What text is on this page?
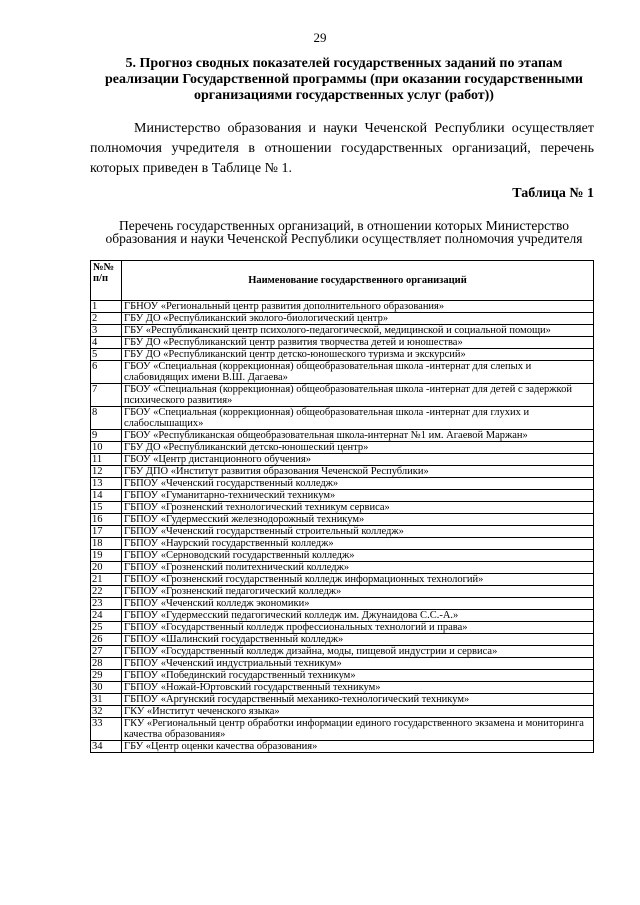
29
5. Прогноз сводных показателей государственных заданий по этапам реализации Государственной программы (при оказании государственными организациями государственных услуг (работ))
Министерство образования и науки Чеченской Республики осуществляет полномочия учредителя в отношении государственных организаций, перечень которых приведен в Таблице № 1.
Таблица № 1
Перечень государственных организаций, в отношении которых Министерство образования и науки Чеченской Республики осуществляет полномочия учредителя
№№ п/п	Наименование государственного организаций
1	ГБНОУ «Региональный центр развития дополнительного образования»
2	ГБУ ДО «Республиканский эколого-биологический центр»
3	ГБУ «Республиканский центр психолого-педагогической, медицинской и социальной помощи»
4	ГБУ ДО «Республиканский центр развития творчества детей и юношества»
5	ГБУ ДО «Республиканский центр детско-юношеского туризма и экскурсий»
6	ГБОУ «Специальная (коррекционная) общеобразовательная школа -интернат для слепых и слабовидящих имени В.Ш. Дагаева»
7	ГБОУ «Специальная (коррекционная) общеобразовательная школа -интернат для детей с задержкой психического развития»
8	ГБОУ «Специальная (коррекционная) общеобразовательная школа -интернат для глухих и слабослышащих»
9	ГБОУ «Республиканская общеобразовательная школа-интернат №1 им. Агаевой Маржан»
10	ГБУ ДО «Республиканский детско-юношеский центр»
11	ГБОУ «Центр дистанционного обучения»
12	ГБУ ДПО «Институт развития образования Чеченской Республики»
13	ГБПОУ «Чеченский государственный колледж»
14	ГБПОУ «Гуманитарно-технический техникум»
15	ГБПОУ «Грозненский технологический техникум сервиса»
16	ГБПОУ «Гудермесский железнодорожный техникум»
17	ГБПОУ «Чеченский государственный строительный колледж»
18	ГБПОУ «Наурский государственный колледж»
19	ГБПОУ «Серноводский государственный колледж»
20	ГБПОУ «Грозненский политехнический колледж»
21	ГБПОУ «Грозненский государственный колледж информационных технологий»
22	ГБПОУ «Грозненский педагогический колледж»
23	ГБПОУ «Чеченский колледж экономики»
24	ГБПОУ «Гудермесский педагогический колледж им. Джунаидова С.С.-А.»
25	ГБПОУ «Государственный колледж профессиональных технологий и права»
26	ГБПОУ «Шалинский государственный колледж»
27	ГБПОУ «Государственный колледж дизайна, моды, пищевой индустрии и сервиса»
28	ГБПОУ «Чеченский индустриальный техникум»
29	ГБПОУ «Побединский государственный техникум»
30	ГБПОУ «Ножай-Юртовский государственный техникум»
31	ГБПОУ «Аргунский государственный механико-технологический техникум»
32	ГКУ «Институт чеченского языка»
33	ГКУ «Региональный центр обработки информации единого государственного экзамена и мониторинга качества образования»
34	ГБУ «Центр оценки качества образования»
